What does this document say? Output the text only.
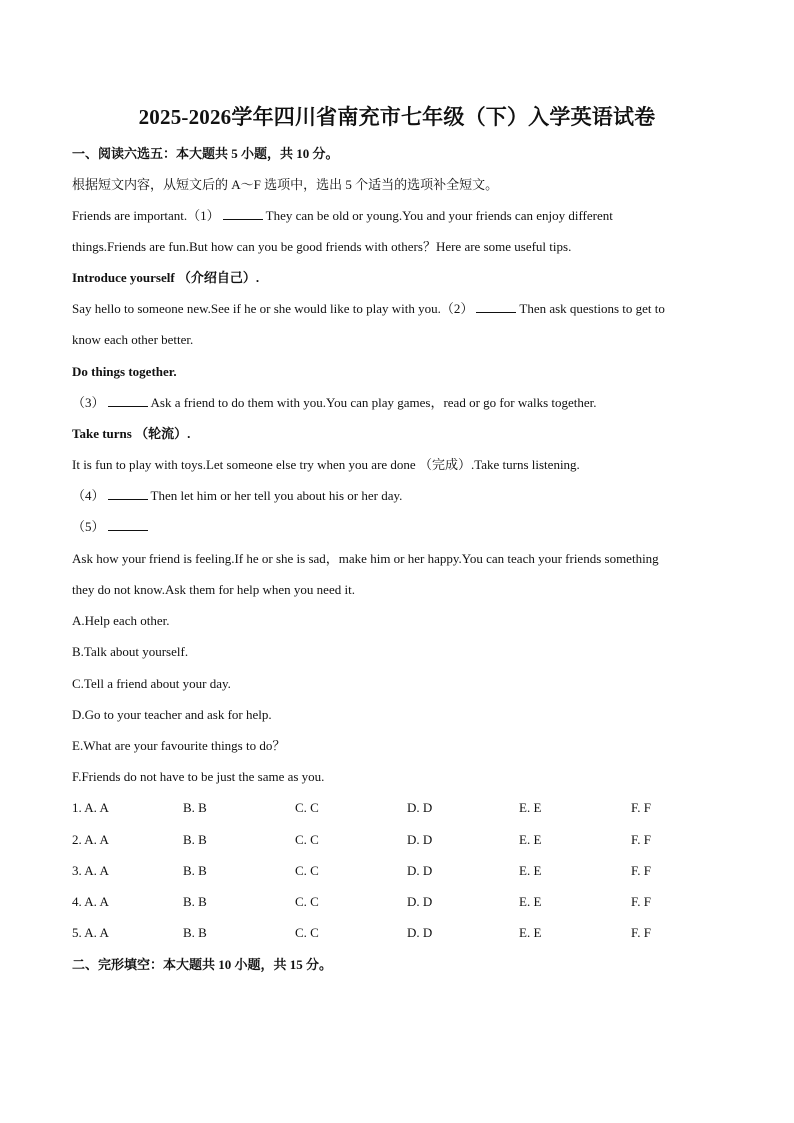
2025-2026学年四川省南充市七年级（下）入学英语试卷
一、阅读六选五：本大题共 5 小题，共 10 分。
根据短文内容，从短文后的 A～F 选项中，选出 5 个适当的选项补全短文。
Friends are important.（1）	They can be old or young.You and your friends can enjoy different
things.Friends are fun.But how can you be good friends with others？Here are some useful tips.
Introduce yourself （介绍自己）.
Say hello to someone new.See if he or she would like to play with you.（2）	Then ask questions to get to
know each other better.
Do things together.
（3）	Ask a friend to do them with you.You can play games，read or go for walks together.
Take turns （轮流）.
It is fun to play with toys.Let someone else try when you are done （完成）.Take turns listening.
（4）	Then let him or her tell you about his or her day.
（5）
Ask how your friend is feeling.If he or she is sad，make him or her happy.You can teach your friends something
they do not know.Ask them for help when you need it.
A.Help each other.
B.Talk about yourself.
C.Tell a friend about your day.
D.Go to your teacher and ask for help.
E.What are your favourite things to do？
F.Friends do not have to be just the same as you.
1. A. A	B. B	C. C	D. D	E. E	F. F
2. A. A	B. B	C. C	D. D	E. E	F. F
3. A. A	B. B	C. C	D. D	E. E	F. F
4. A. A	B. B	C. C	D. D	E. E	F. F
5. A. A	B. B	C. C	D. D	E. E	F. F
二、完形填空：本大题共 10 小题，共 15 分。
